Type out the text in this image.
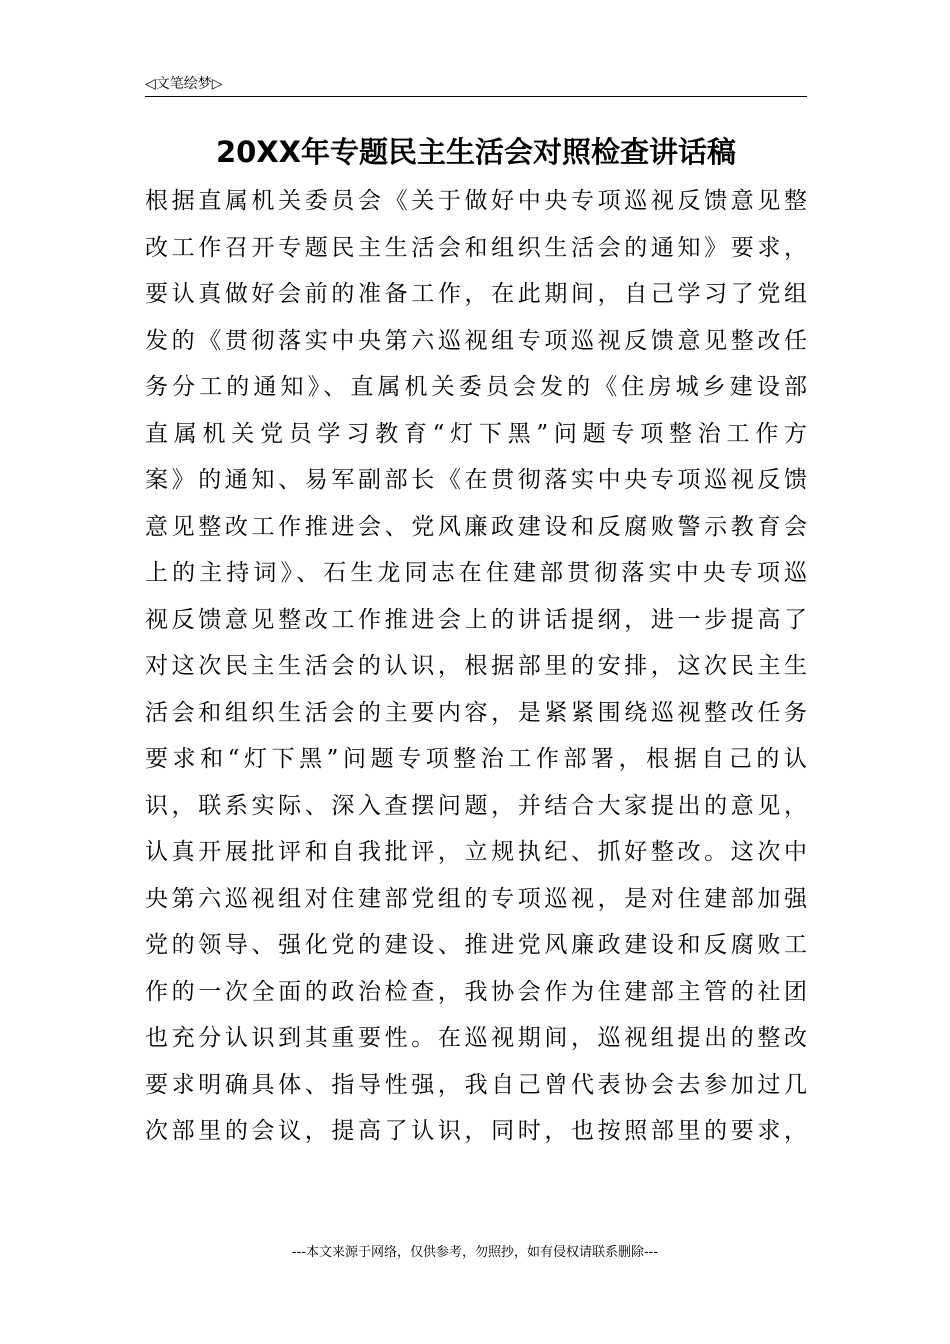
◁文笔绘梦▷
20XX年专题民主生活会对照检查讲话稿
根据直属机关委员会《关于做好中央专项巡视反馈意见整
改工作召开专题民主生活会和组织生活会的通知》要求，
要认真做好会前的准备工作，在此期间，自己学习了党组
发的《贯彻落实中央第六巡视组专项巡视反馈意见整改任
务分工的通知》、直属机关委员会发的《住房城乡建设部
直属机关党员学习教育“灯下黑”问题专项整治工作方
案》的通知、易军副部长《在贯彻落实中央专项巡视反馈
意见整改工作推进会、党风廉政建设和反腐败警示教育会
上的主持词》、石生龙同志在住建部贯彻落实中央专项巡
视反馈意见整改工作推进会上的讲话提纲，进一步提高了
对这次民主生活会的认识，根据部里的安排，这次民主生
活会和组织生活会的主要内容，是紧紧围绕巡视整改任务
要求和“灯下黑”问题专项整治工作部署，根据自己的认
识，联系实际、深入查摆问题，并结合大家提出的意见，
认真开展批评和自我批评，立规执纪、抓好整改。这次中
央第六巡视组对住建部党组的专项巡视，是对住建部加强
党的领导、强化党的建设、推进党风廉政建设和反腐败工
作的一次全面的政治检查，我协会作为住建部主管的社团
也充分认识到其重要性。在巡视期间，巡视组提出的整改
要求明确具体、指导性强，我自己曾代表协会去参加过几
次部里的会议，提高了认识，同时，也按照部里的要求，
---本文来源于网络，仅供参考，勿照抄，如有侵权请联系删除---
